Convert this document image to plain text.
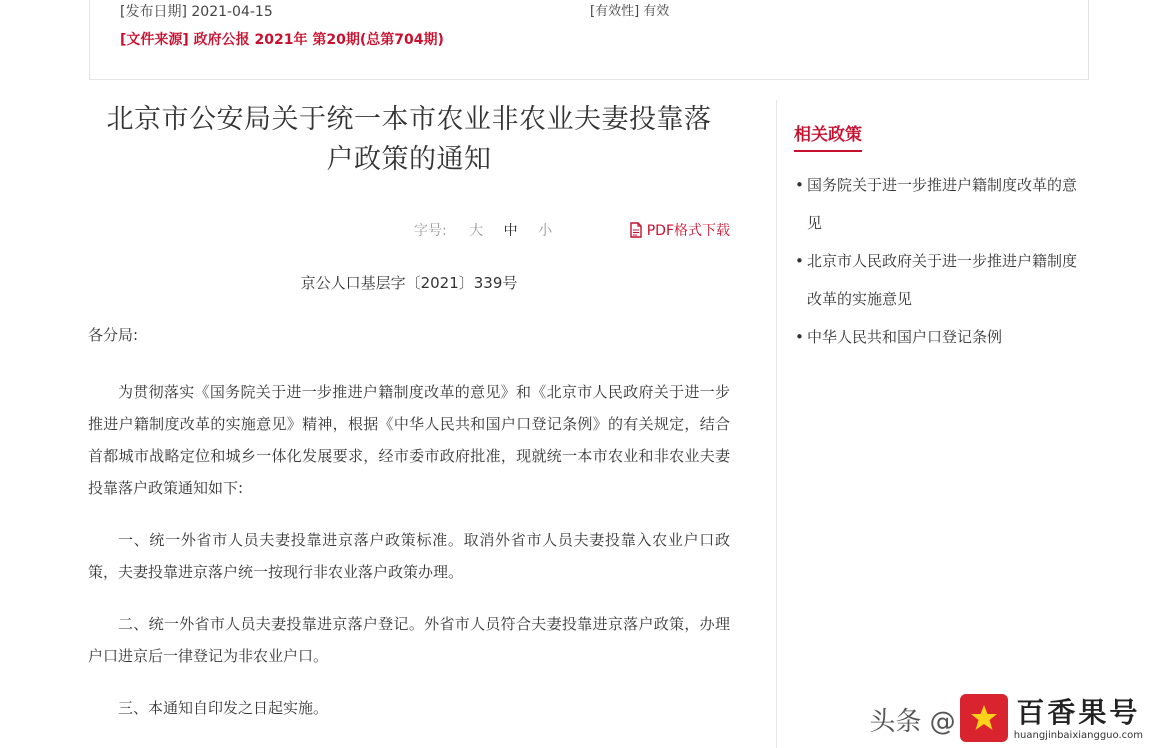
[发布日期] 2021-04-15	[有效性] 有效
[文件来源] 政府公报 2021年 第20期(总第704期)
北京市公安局关于统一本市农业非农业夫妻投靠落户政策的通知
字号: 大 中 小	PDF格式下载

京公人口基层字〔2021〕339号

各分局:

为贯彻落实《国务院关于进一步推进户籍制度改革的意见》和《北京市人民政府关于进一步推进户籍制度改革的实施意见》精神，根据《中华人民共和国户口登记条例》的有关规定，结合首都城市战略定位和城乡一体化发展要求，经市委市政府批准，现就统一本市农业和非农业夫妻投靠落户政策通知如下:

一、统一外省市人员夫妻投靠进京落户政策标准。取消外省市人员夫妻投靠入农业户口政策，夫妻投靠进京落户统一按现行非农业落户政策办理。

二、统一外省市人员夫妻投靠进京落户登记。外省市人员符合夫妻投靠进京落户政策，办理户口进京后一律登记为非农业户口。

三、本通知自印发之日起实施。

相关政策
• 国务院关于进一步推进户籍制度改革的意见
• 北京市人民政府关于进一步推进户籍制度改革的实施意见
• 中华人民共和国户口登记条例
头条 @ 百香果号
huangjinbaixiangguo.com
